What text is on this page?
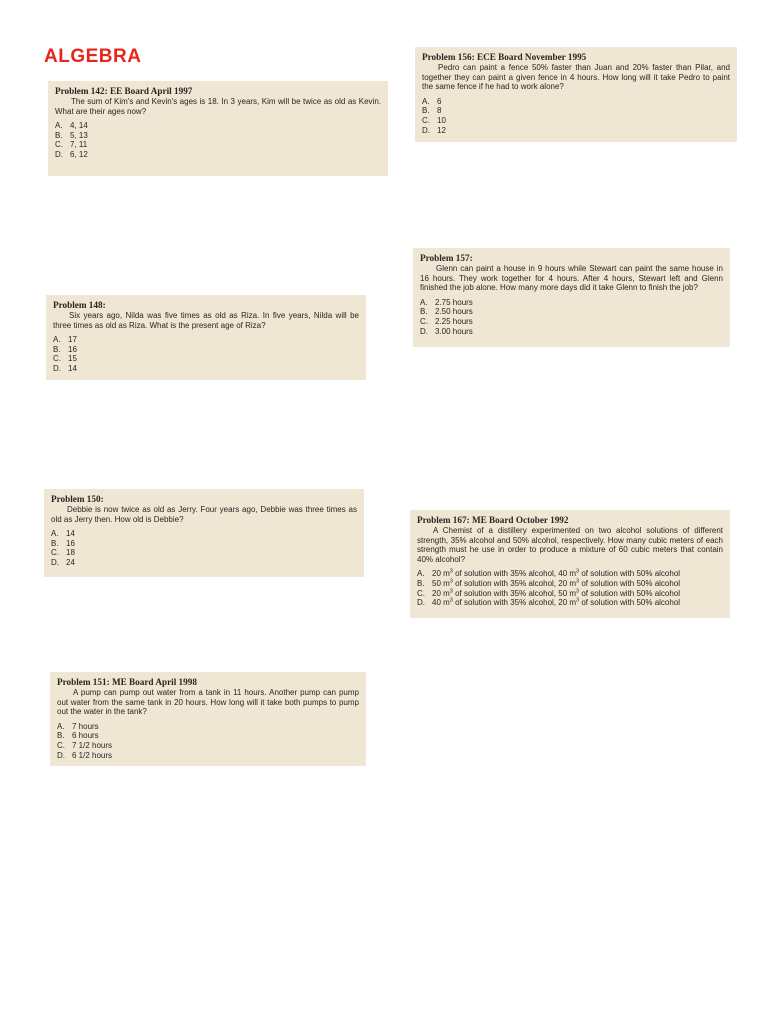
ALGEBRA

Problem 142: EE Board April 1997

The sum of Kim's and Kevin's ages is 18. In 3 years, Kim will be twice as old as Kevin. What are their ages now?

A. 4, 14
B. 5, 13
C. 7, 11
D. 6, 12

Problem 148:

Six years ago, Nilda was five times as old as Riza. In five years, Nilda will be three times as old as Riza. What is the present age of Riza?

A. 17
B. 16
C. 15
D. 14

Problem 150:

Debbie is now twice as old as Jerry. Four years ago, Debbie was three times as old as Jerry then. How old is Debbie?

A. 14
B. 16
C. 18
D. 24

Problem 151: ME Board April 1998

A pump can pump out water from a tank in 11 hours. Another pump can pump out water from the same tank in 20 hours. How long will it take both pumps to pump out the water in the tank?

A. 7 hours
B. 6 hours
C. 7 1/2 hours
D. 6 1/2 hours

Problem 156: ECE Board November 1995

Pedro can paint a fence 50% faster than Juan and 20% faster than Pilar, and together they can paint a given fence in 4 hours. How long will it take Pedro to paint the same fence if he had to work alone?

A. 6
B. 8
C. 10
D. 12

Problem 157:

Glenn can paint a house in 9 hours while Stewart can paint the same house in 16 hours. They work together for 4 hours. After 4 hours, Stewart left and Glenn finished the job alone. How many more days did it take Glenn to finish the job?

A. 2.75 hours
B. 2.50 hours
C. 2.25 hours
D. 3.00 hours

Problem 167: ME Board October 1992

A Chemist of a distillery experimented on two alcohol solutions of different strength, 35% alcohol and 50% alcohol, respectively. How many cubic meters of each strength must he use in order to produce a mixture of 60 cubic meters that contain 40% alcohol?

A. 20 $m^3$ of solution with 35% alcohol, 40 $m^3$ of solution with 50% alcohol
B. 50 $m^3$ of solution with 35% alcohol, 20 $m^3$ of solution with 50% alcohol
C. 20 $m^3$ of solution with 35% alcohol, 50 $m^3$ of solution with 50% alcohol
D. 40 $m^3$ of solution with 35% alcohol, 20 $m^3$ of solution with 50% alcohol
